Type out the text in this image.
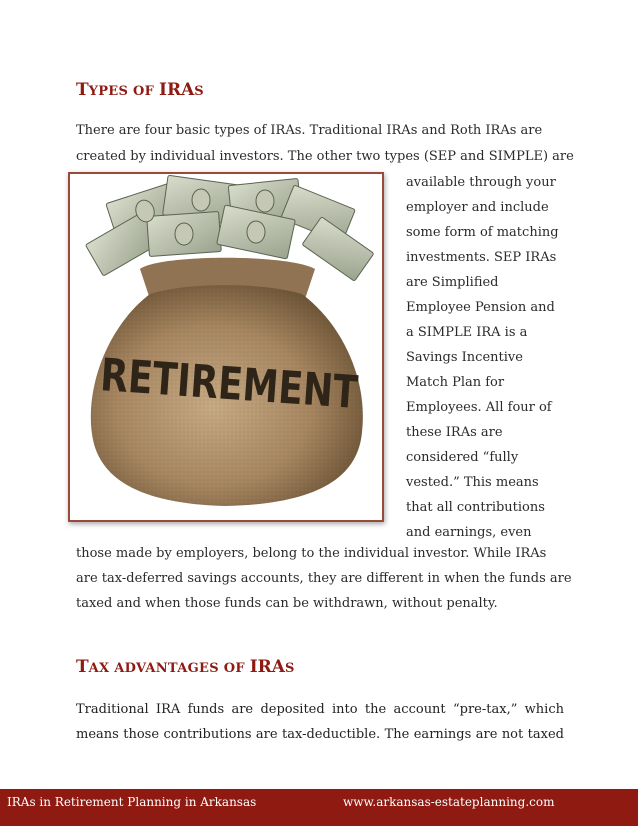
TYPES OF IRAS
There are four basic types of IRAs. Traditional IRAs and Roth IRAs are
created by individual investors. The other two types (SEP and SIMPLE) are
RETIREMENT
available through your
employer and include
some form of matching
investments. SEP IRAs
are Simplified
Employee Pension and
a SIMPLE IRA is a
Savings Incentive
Match Plan for
Employees. All four of
these IRAs are
considered “fully
vested.” This means
that all contributions
and earnings, even
those made by employers, belong to the individual investor. While IRAs
are tax-deferred savings accounts, they are different in when the funds are
taxed and when those funds can be withdrawn, without penalty.
TAX ADVANTAGES OF IRAS
Traditional IRA funds are deposited into the account “pre-tax,” which
means those contributions are tax-deductible. The earnings are not taxed
IRAs in Retirement Planning in Arkansas	www.arkansas-estateplanning.com	4
